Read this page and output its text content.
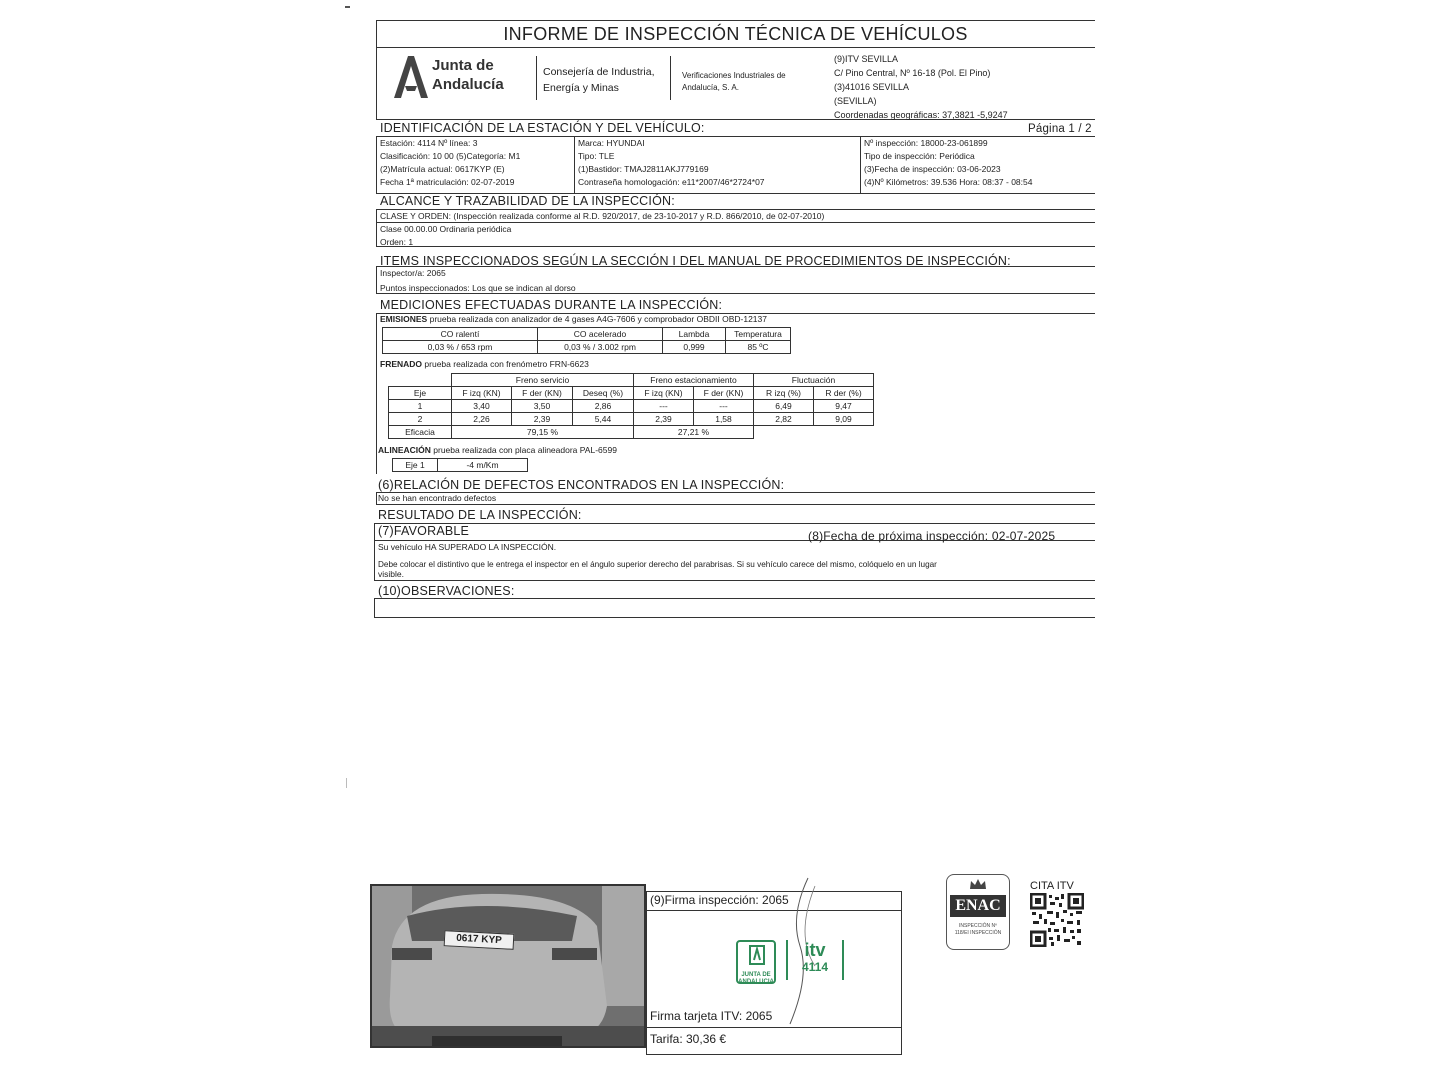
INFORME DE INSPECCIÓN TÉCNICA DE VEHÍCULOS
Junta de Andalucía
Consejería de Industria, Energía y Minas
Verificaciones Industriales de Andalucía, S. A.
(9)ITV SEVILLA
C/ Pino Central, Nº 16-18 (Pol. El Pino)
(3)41016 SEVILLA
(SEVILLA)
Coordenadas geográficas: 37,3821 -5,9247
IDENTIFICACIÓN DE LA ESTACIÓN Y DEL VEHÍCULO:	Página 1 / 2
Estación: 4114 Nº línea: 3
Clasificación: 10 00 (5)Categoría: M1
(2)Matrícula actual: 0617KYP (E)
Fecha 1ª matriculación: 02-07-2019
Marca: HYUNDAI
Tipo: TLE
(1)Bastidor: TMAJ2811AKJ779169
Contraseña homologación: e11*2007/46*2724*07
Nº inspección: 18000-23-061899
Tipo de inspección: Periódica
(3)Fecha de inspección: 03-06-2023
(4)Nº Kilómetros: 39.536 Hora: 08:37 - 08:54
ALCANCE Y TRAZABILIDAD DE LA INSPECCIÓN:
CLASE Y ORDEN: (Inspección realizada conforme al R.D. 920/2017, de 23-10-2017 y R.D. 866/2010, de 02-07-2010)
Clase 00.00.00 Ordinaria periódica
Orden: 1
ITEMS INSPECCIONADOS SEGÚN LA SECCIÓN I DEL MANUAL DE PROCEDIMIENTOS DE INSPECCIÓN:
Inspector/a: 2065
Puntos inspeccionados: Los que se indican al dorso
MEDICIONES EFECTUADAS DURANTE LA INSPECCIÓN:
EMISIONES prueba realizada con analizador de 4 gases A4G-7606 y comprobador OBDII OBD-12137
CO ralentí	CO acelerado	Lambda	Temperatura
0,03 % / 653 rpm	0,03 % / 3.002 rpm	0,999	85 ºC
FRENADO prueba realizada con frenómetro FRN-6623
	Freno servicio			Freno estacionamiento		Fluctuación	
Eje	F izq (KN)	F der (KN)	Deseq (%)	F izq (KN)	F der (KN)	R izq (%)	R der (%)
1	3,40	3,50	2,86	---	---	6,49	9,47
2	2,26	2,39	5,44	2,39	1,58	2,82	9,09
Eficacia	79,15 %			27,21 %			
ALINEACIÓN prueba realizada con placa alineadora PAL-6599
Eje 1	-4 m/Km
(6)RELACIÓN DE DEFECTOS ENCONTRADOS EN LA INSPECCIÓN:
No se han encontrado defectos
RESULTADO DE LA INSPECCIÓN:
(7)FAVORABLE	(8)Fecha de próxima inspección: 02-07-2025
Su vehículo HA SUPERADO LA INSPECCIÓN.
Debe colocar el distintivo que le entrega el inspector en el ángulo superior derecho del parabrisas. Si su vehículo carece del mismo, colóquelo en un lugar
visible.
(10)OBSERVACIONES:
0617 KYP
(9)Firma inspección: 2065
Firma tarjeta ITV: 2065
Tarifa: 30,36 €
JUNTA DE ANDALUCIA
itv
4114
ENAC
INSPECCIÓN Nº 118/EI INSPECCIÓN
CITA ITV
